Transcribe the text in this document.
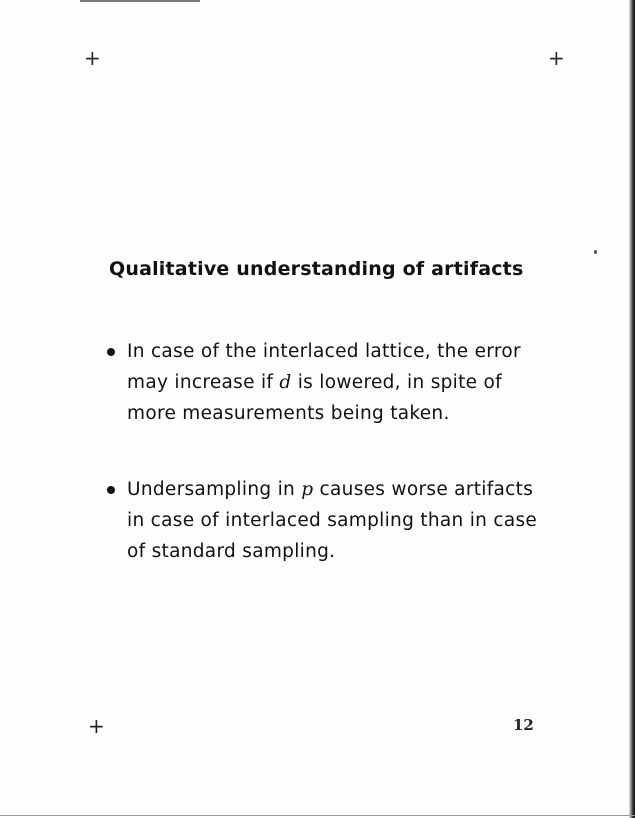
+	+
+
Qualitative understanding of artifacts
In case of the interlaced lattice, the error
may increase if d is lowered, in spite of
more measurements being taken.
Undersampling in p causes worse artifacts
in case of interlaced sampling than in case
of standard sampling.
12
